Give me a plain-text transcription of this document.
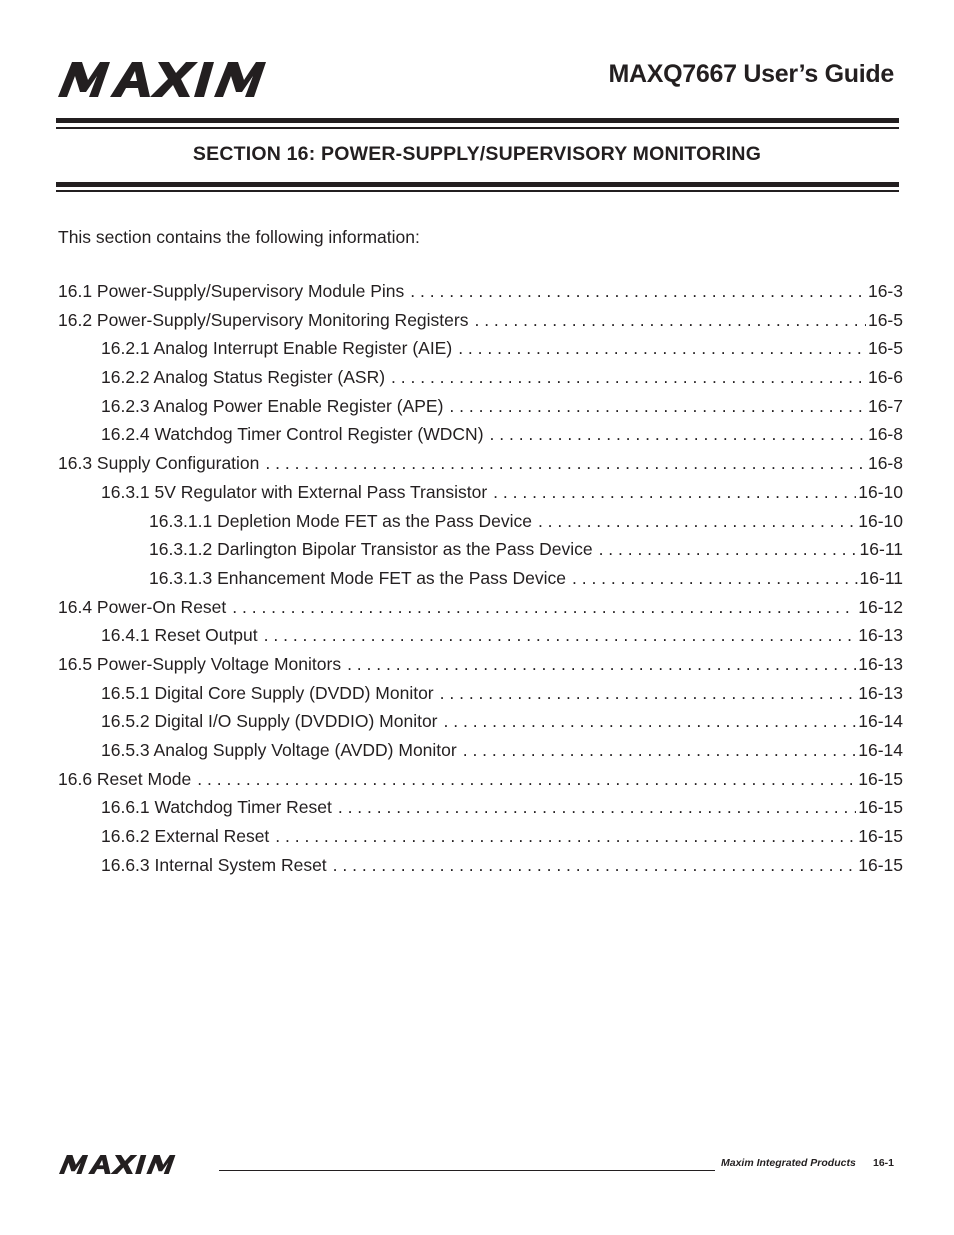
MAXQ7667 User’s Guide
SECTION 16: POWER-SUPPLY/SUPERVISORY MONITORING
This section contains the following information:
16.1 Power-Supply/Supervisory Module Pins . . .	16-3
16.2 Power-Supply/Supervisory Monitoring Registers . . .	16-5
16.2.1 Analog Interrupt Enable Register (AIE) . . .	16-5
16.2.2 Analog Status Register (ASR) . . .	16-6
16.2.3 Analog Power Enable Register (APE) . . .	16-7
16.2.4 Watchdog Timer Control Register (WDCN) . . .	16-8
16.3 Supply Configuration . . .	16-8
16.3.1 5V Regulator with External Pass Transistor . . .	16-10
16.3.1.1 Depletion Mode FET as the Pass Device . . .	16-10
16.3.1.2 Darlington Bipolar Transistor as the Pass Device . . .	16-11
16.3.1.3 Enhancement Mode FET as the Pass Device . . .	16-11
16.4 Power-On Reset . . .	16-12
16.4.1 Reset Output . . .	16-13
16.5 Power-Supply Voltage Monitors . . .	16-13
16.5.1 Digital Core Supply (DVDD) Monitor . . .	16-13
16.5.2 Digital I/O Supply (DVDDIO) Monitor . . .	16-14
16.5.3 Analog Supply Voltage (AVDD) Monitor . . .	16-14
16.6 Reset Mode . . .	16-15
16.6.1 Watchdog Timer Reset . . .	16-15
16.6.2 External Reset . . .	16-15
16.6.3 Internal System Reset . . .	16-15
Maxim Integrated Products 16-1
